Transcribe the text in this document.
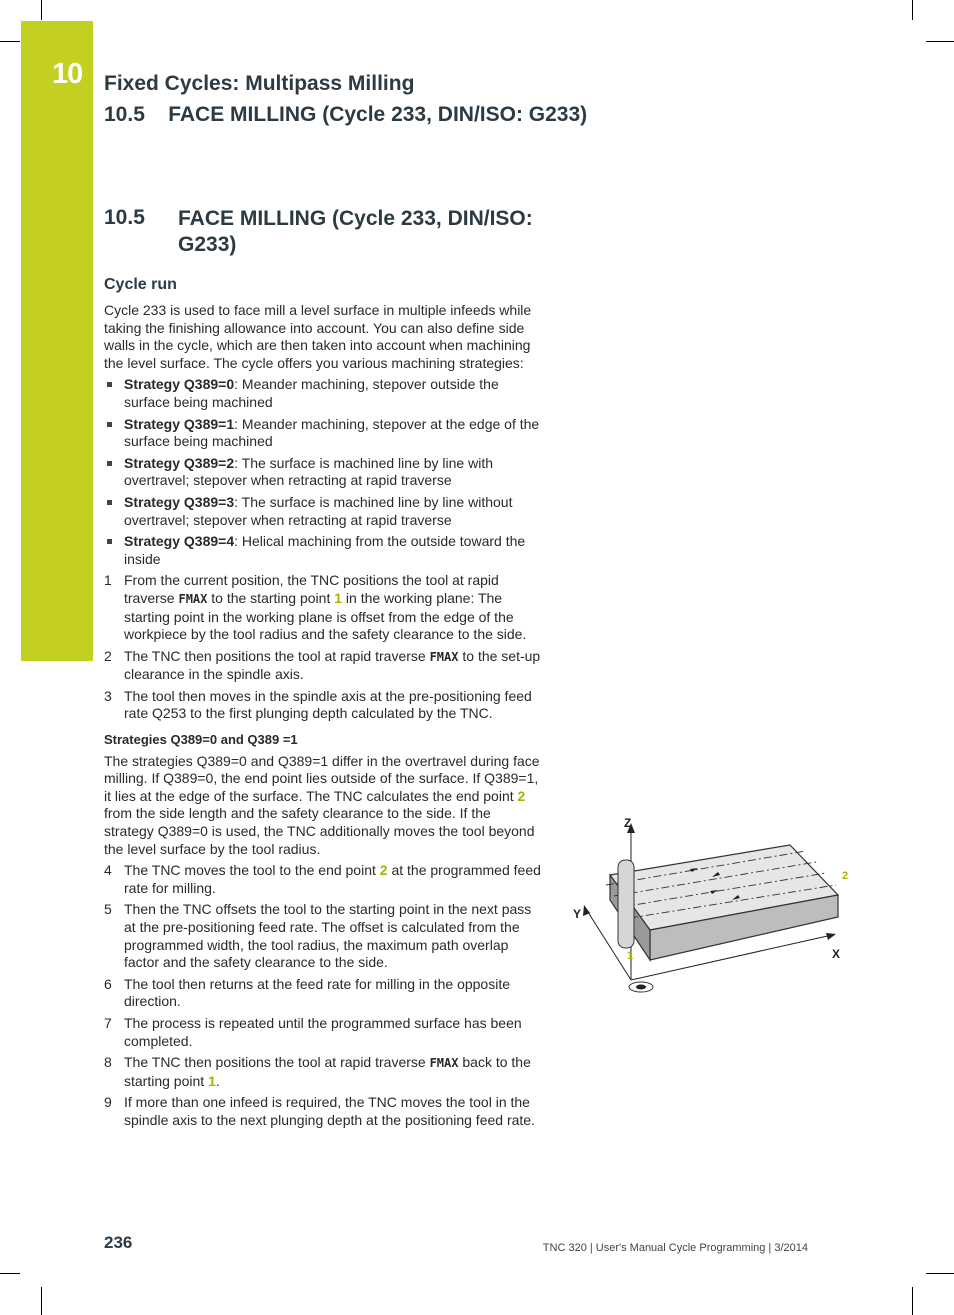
10 Fixed Cycles: Multipass Milling
10.5    FACE MILLING (Cycle 233, DIN/ISO: G233)
10.5 FACE MILLING (Cycle 233, DIN/ISO: G233)
Cycle run

Cycle 233 is used to face mill a level surface in multiple infeeds while taking the finishing allowance into account. You can also define side walls in the cycle, which are then taken into account when machining the level surface. The cycle offers you various machining strategies:

Strategy Q389=0: Meander machining, stepover outside the surface being machined
Strategy Q389=1: Meander machining, stepover at the edge of the surface being machined
Strategy Q389=2: The surface is machined line by line with overtravel; stepover when retracting at rapid traverse
Strategy Q389=3: The surface is machined line by line without overtravel; stepover when retracting at rapid traverse
Strategy Q389=4: Helical machining from the outside toward the inside
1 From the current position, the TNC positions the tool at rapid traverse FMAX to the starting point 1 in the working plane: The starting point in the working plane is offset from the edge of the workpiece by the tool radius and the safety clearance to the side.
2 The TNC then positions the tool at rapid traverse FMAX to the set-up clearance in the spindle axis.
3 The tool then moves in the spindle axis at the pre-positioning feed rate Q253 to the first plunging depth calculated by the TNC.
Strategies Q389=0 and Q389 =1

The strategies Q389=0 and Q389=1 differ in the overtravel during face milling. If Q389=0, the end point lies outside of the surface. If Q389=1, it lies at the edge of the surface. The TNC calculates the end point 2 from the side length and the safety clearance to the side. If the strategy Q389=0 is used, the TNC additionally moves the tool beyond the level surface by the tool radius.

4 The TNC moves the tool to the end point 2 at the programmed feed rate for milling.
5 Then the TNC offsets the tool to the starting point in the next pass at the pre-positioning feed rate. The offset is calculated from the programmed width, the tool radius, the maximum path overlap factor and the safety clearance to the side.
6 The tool then returns at the feed rate for milling in the opposite direction.
7 The process is repeated until the programmed surface has been completed.
8 The TNC then positions the tool at rapid traverse FMAX back to the starting point 1.
9 If more than one infeed is required, the TNC moves the tool in the spindle axis to the next plunging depth at the positioning feed rate.
Z
Y
X
1
2
236	TNC 320 | User's Manual Cycle Programming | 3/2014
